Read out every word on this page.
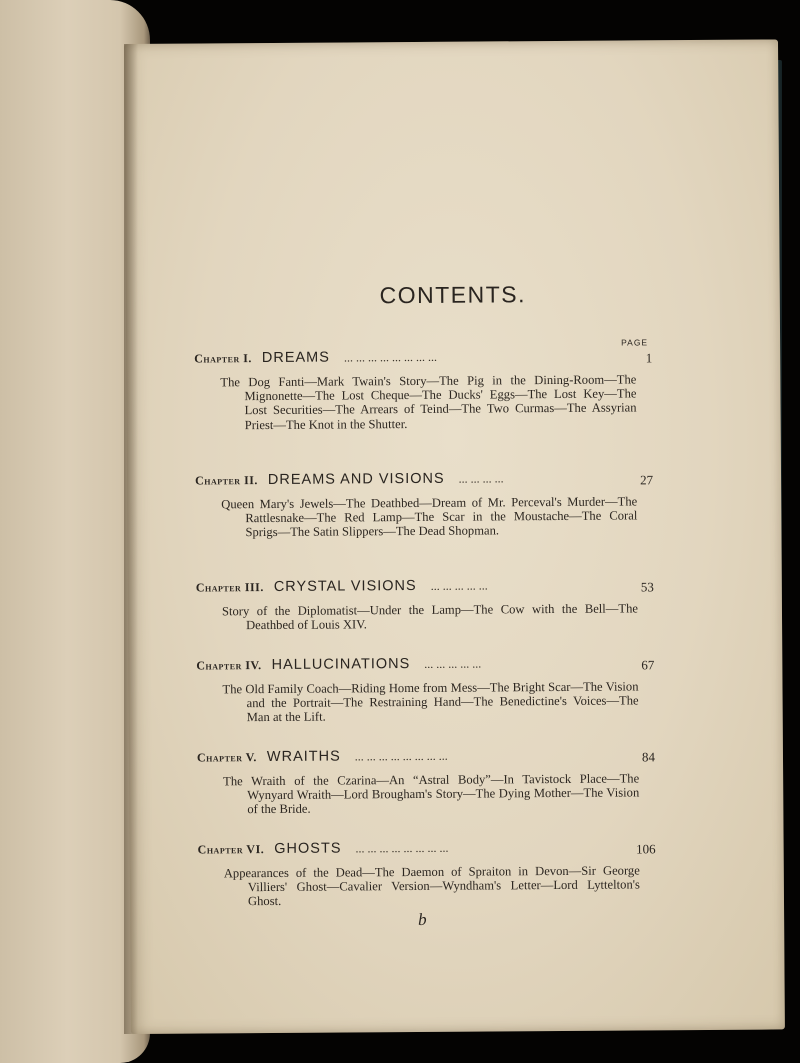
CONTENTS.
PAGE
Chapter I. DREAMS ... ... ... ... ... ... ... ...	1
The Dog Fanti—Mark Twain's Story—The Pig in the Dining-Room—The Mignonette—The Lost Cheque—The Ducks' Eggs—The Lost Key—The Lost Securities—The Arrears of Teind—The Two Curmas—The Assyrian Priest—The Knot in the Shutter.
Chapter II. DREAMS AND VISIONS ... ... ... ...	27
Queen Mary's Jewels—The Deathbed—Dream of Mr. Perceval's Murder—The Rattlesnake—The Red Lamp—The Scar in the Moustache—The Coral Sprigs—The Satin Slippers—The Dead Shopman.
Chapter III. CRYSTAL VISIONS ... ... ... ... ...	53
Story of the Diplomatist—Under the Lamp—The Cow with the Bell—The Deathbed of Louis XIV.
Chapter IV. HALLUCINATIONS ... ... ... ... ...	67
The Old Family Coach—Riding Home from Mess—The Bright Scar—The Vision and the Portrait—The Restraining Hand—The Benedictine's Voices—The Man at the Lift.
Chapter V. WRAITHS ... ... ... ... ... ... ... ...	84
The Wraith of the Czarina—An “Astral Body”—In Tavistock Place—The Wynyard Wraith—Lord Brougham's Story—The Dying Mother—The Vision of the Bride.
Chapter VI. GHOSTS ... ... ... ... ... ... ... ...	106
Appearances of the Dead—The Daemon of Spraiton in Devon—Sir George Villiers' Ghost—Cavalier Version—Wyndham's Letter—Lord Lyttelton's Ghost.
b
